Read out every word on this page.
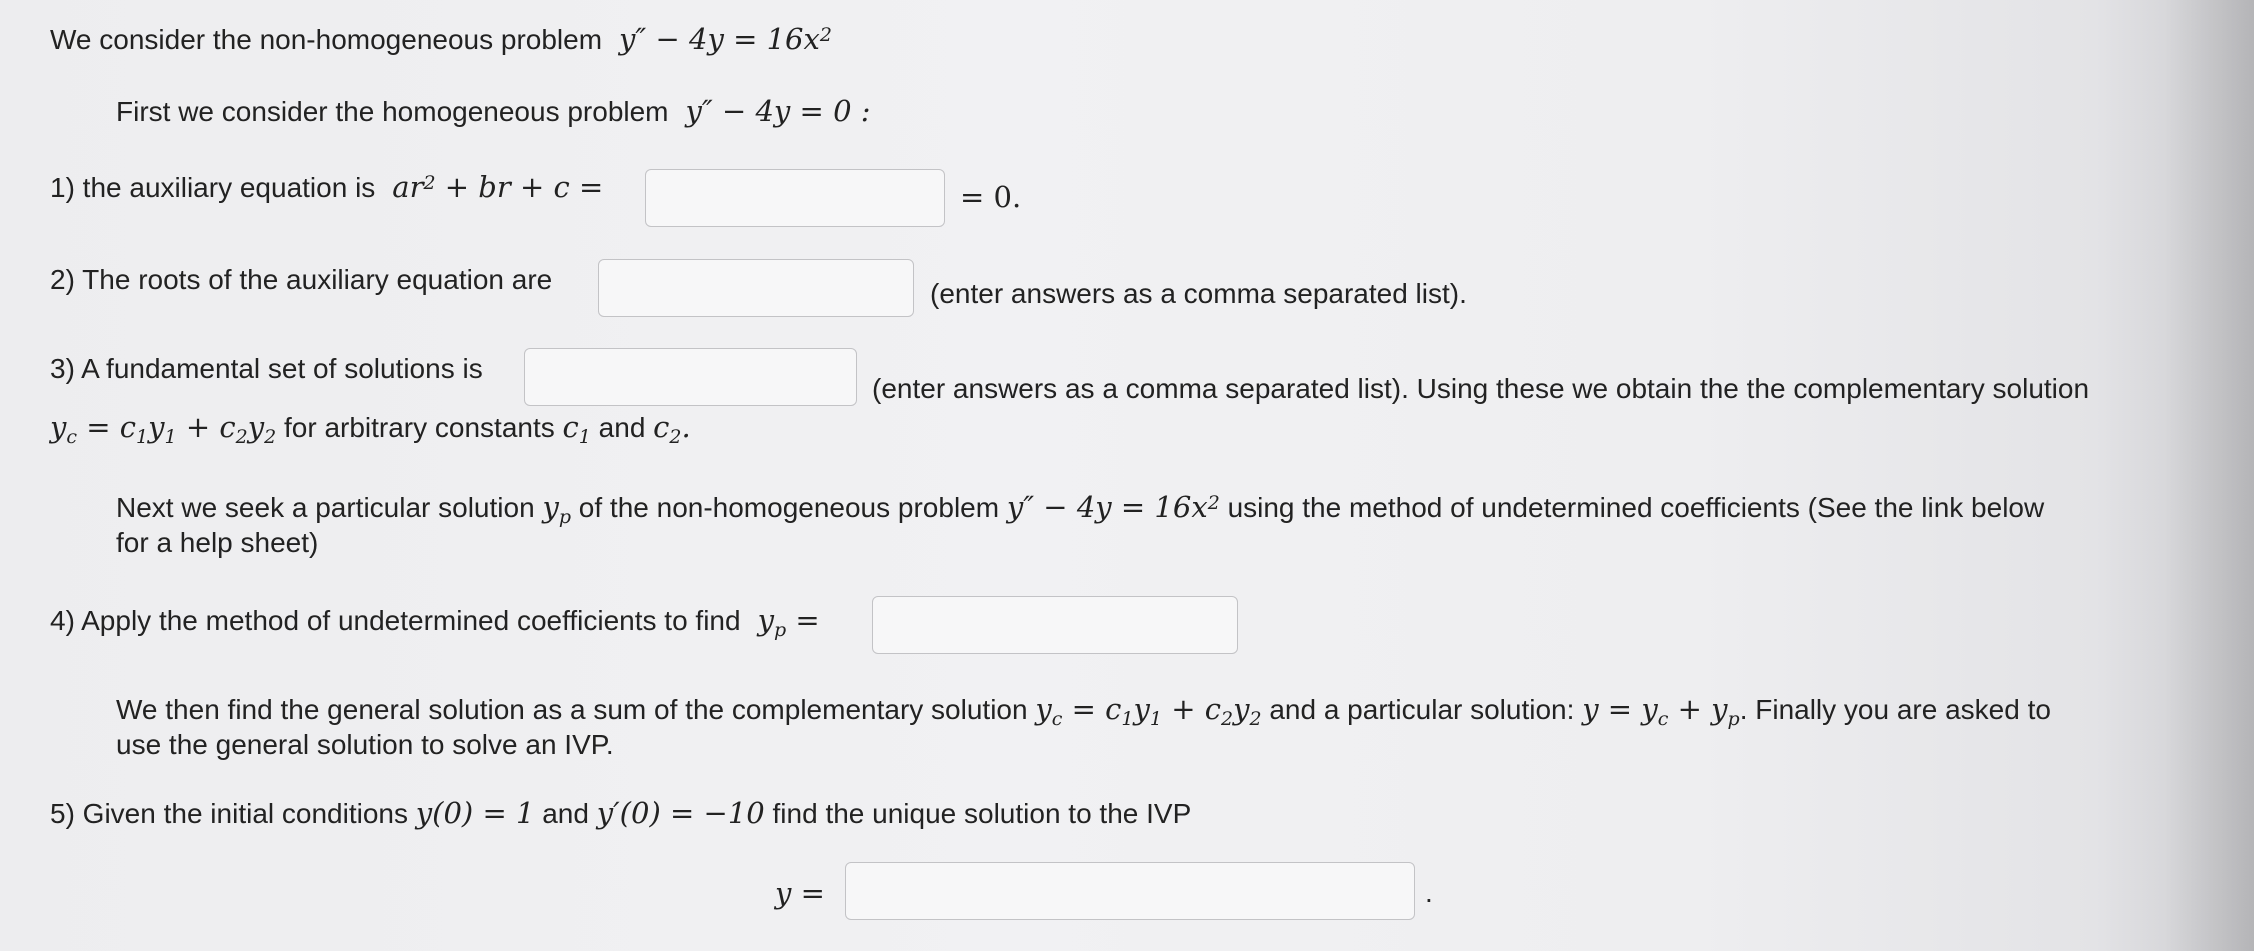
We consider the non-homogeneous problem  $y'' - 4y = 16x^2$
First we consider the homogeneous problem  y″ − 4y = 0 :
1) the auxiliary equation is  $ar^2$ + br + c =	= 0.
2) The roots of the auxiliary equation are	(enter answers as a comma separated list).
3) A fundamental set of solutions is
(enter answers as a comma separated list). Using these we obtain the the complementary solution
$y_c = c_1y_1 + c_2y_2$ for arbitrary constants $c_1$ and $c_2$.
Next we seek a particular solution $y_p$ of the non-homogeneous problem $y'' - 4y = 16x^2$ using the method of undetermined coefficients (See the link below
for a help sheet)
4) Apply the method of undetermined coefficients to find  $y_p$ =
We then find the general solution as a sum of the complementary solution $y_c = c_1y_1 + c_2y_2$ and a particular solution: $y = y_c + y_p$. Finally you are asked to
use the general solution to solve an IVP.
5) Given the initial conditions y(0) = 1 and y′(0) = −10 find the unique solution to the IVP
y =	.
